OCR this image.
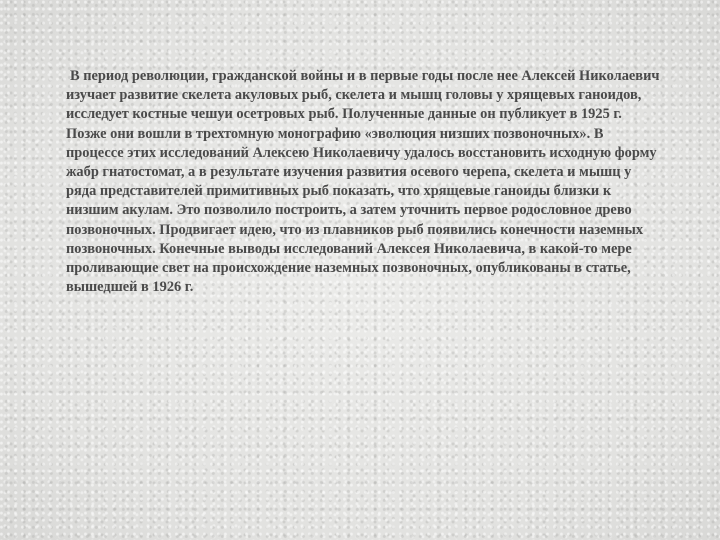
В период революции, гражданской войны и в первые годы после нее Алексей Николаевич изучает развитие скелета акуловых рыб, скелета и мышц головы у хрящевых ганоидов, исследует костные чешуи осетровых рыб. Полученные данные он публикует в 1925 г. Позже они вошли в трехтомную монографию «эволюция низших позвоночных». В процессе этих исследований Алексею Николаевичу удалось восстановить исходную форму жабр гнатостомат, а в результате изучения развития осевого черепа, скелета и мышц у ряда представителей примитивных рыб показать, что хрящевые ганоиды близки к низшим акулам. Это позволило построить, а затем уточнить первое родословное древо позвоночных. Продвигает идею, что из плавников рыб появились конечности наземных позвоночных. Конечные выводы исследований Алексея Николаевича, в какой-то мере проливающие свет на происхождение наземных позвоночных, опубликованы в статье, вышедшей в 1926 г.
